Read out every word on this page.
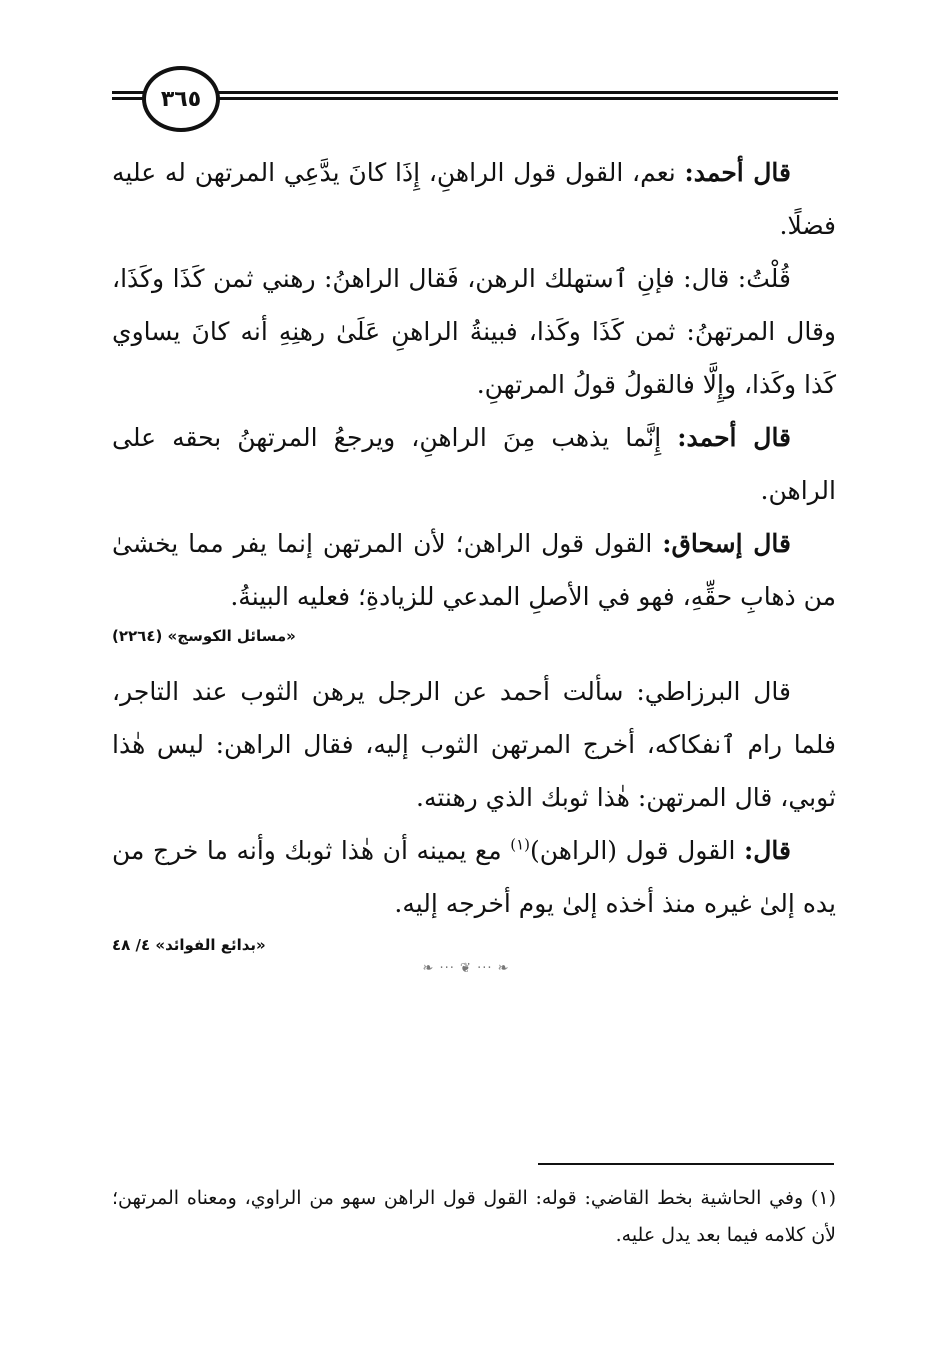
٣٦٥

قال أحمد: نعم، القول قول الراهنِ، إِذَا كانَ يدَّعِي المرتهن له عليه فضلًا.

قُلْتُ: قال: فإنِ ٱستهلك الرهن، فَقال الراهنُ: رهني ثمن كَذَا وكَذَا، وقال المرتهنُ: ثمن كَذَا وكَذا، فبينةُ الراهنِ عَلَىٰ رهنِهِ أنه كانَ يساوي كَذا وكَذا، وإِلَّا فالقولُ قولُ المرتهنِ.

قال أحمد: إِنَّما يذهب مِنَ الراهنِ، ويرجعُ المرتهنُ بحقه على الراهن.

قال إسحاق: القول قول الراهن؛ لأن المرتهن إنما يفر مما يخشىٰ من ذهابِ حقِّهِ، فهو في الأصلِ المدعي للزيادةِ؛ فعليه البينةُ.

«مسائل الكوسج» (٢٢٦٤)

قال البرزاطي: سألت أحمد عن الرجل يرهن الثوب عند التاجر، فلما رام ٱنفكاكه، أخرج المرتهن الثوب إليه، فقال الراهن: ليس هٰذا ثوبي، قال المرتهن: هٰذا ثوبك الذي رهنته.

قال: القول قول (الراهن)$^{(١)}$ مع يمينه أن هٰذا ثوبك وأنه ما خرج من يده إلىٰ غيره منذ أخذه إلىٰ يوم أخرجه إليه.

«بدائع الفوائد» ٤/ ٤٨
❧ ··· ❦ ··· ❧
(١) وفي الحاشية بخط القاضي: قوله: القول قول الراهن سهو من الراوي، ومعناه المرتهن؛ لأن كلامه فيما بعد يدل عليه.
